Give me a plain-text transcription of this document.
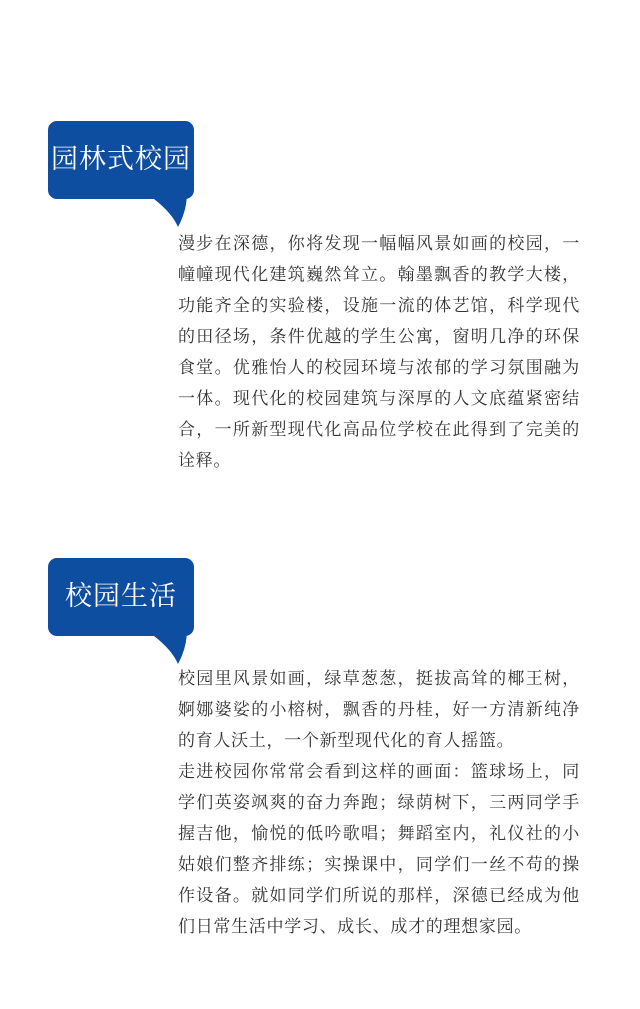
园林式校园

漫步在深德，你将发现一幅幅风景如画的校园，一幢幢现代化建筑巍然耸立。翰墨飘香的教学大楼，功能齐全的实验楼，设施一流的体艺馆，科学现代的田径场，条件优越的学生公寓，窗明几净的环保食堂。优雅怡人的校园环境与浓郁的学习氛围融为一体。现代化的校园建筑与深厚的人文底蕴紧密结合，一所新型现代化高品位学校在此得到了完美的诠释。

校园生活

校园里风景如画，绿草葱葱，挺拔高耸的椰王树，婀娜婆娑的小榕树，飘香的丹桂，好一方清新纯净的育人沃土，一个新型现代化的育人摇篮。

走进校园你常常会看到这样的画面：篮球场上，同学们英姿飒爽的奋力奔跑；绿荫树下，三两同学手握吉他，愉悦的低吟歌唱；舞蹈室内，礼仪社的小姑娘们整齐排练；实操课中，同学们一丝不苟的操作设备。就如同学们所说的那样，深德已经成为他们日常生活中学习、成长、成才的理想家园。
